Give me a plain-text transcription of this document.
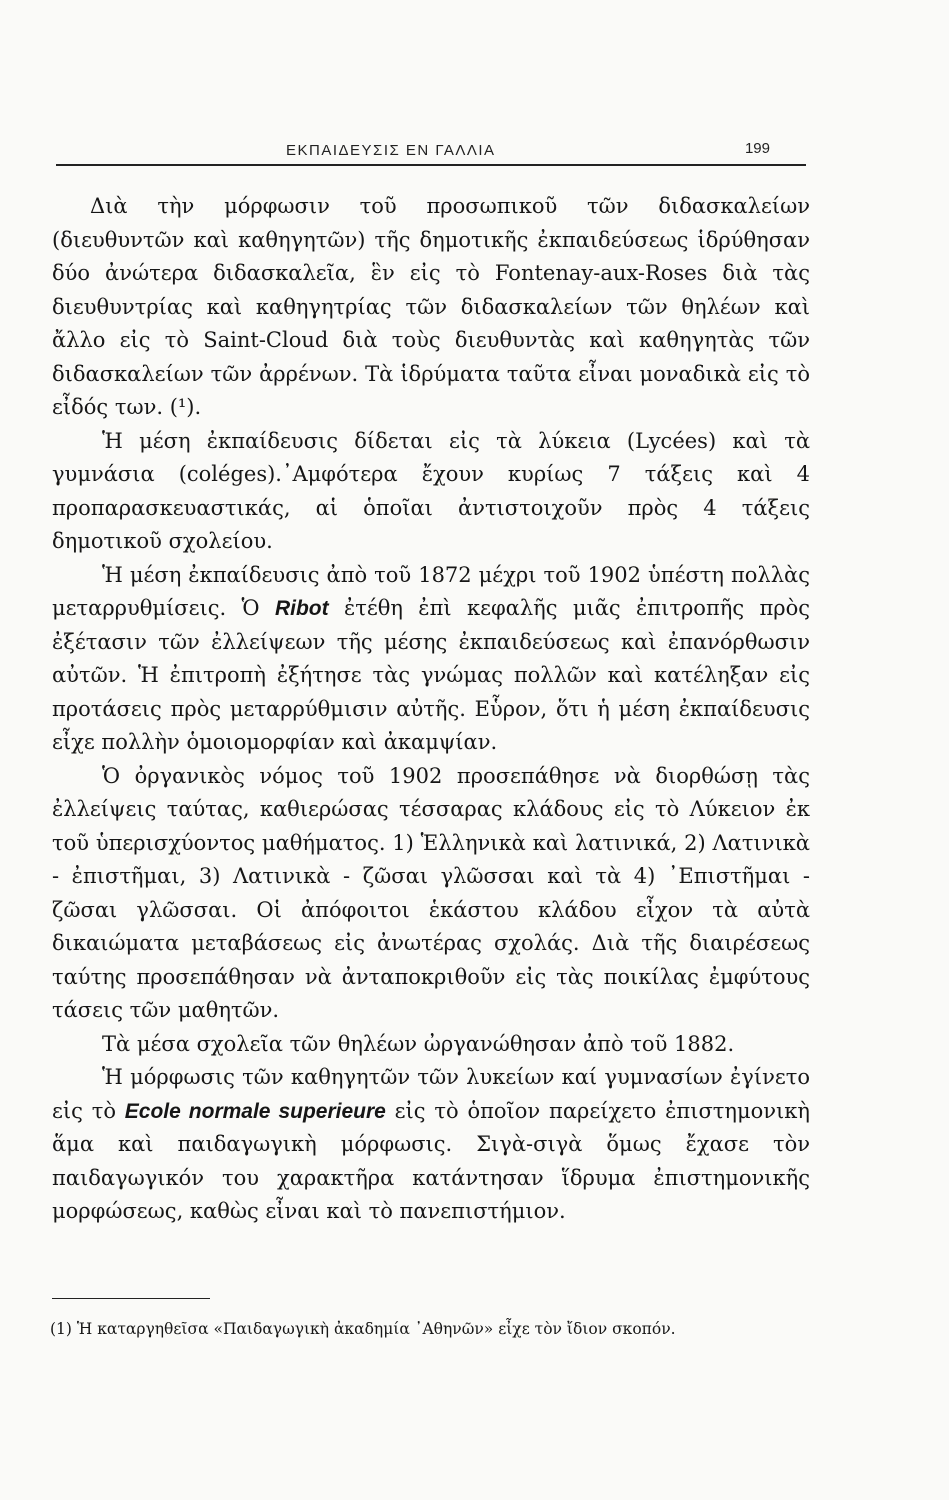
ΕΚΠΑΙΔΕΥΣΙΣ ΕΝ ΓΑΛΛΙΑ	199

Διὰ τὴν μόρφωσιν τοῦ προσωπικοῦ τῶν διδασκαλείων (διευθυντῶν καὶ καθηγητῶν) τῆς δημοτικῆς ἐκπαιδεύσεως ἱδρύθησαν δύο ἀνώτερα διδασκαλεῖα, ἓν εἰς τὸ Fontenay-aux-Roses διὰ τὰς διευθυντρίας καὶ καθηγητρίας τῶν διδασκαλείων τῶν θηλέων καὶ ἄλλο εἰς τὸ Saint-Cloud διὰ τοὺς διευθυντὰς καὶ καθηγητὰς τῶν διδασκαλείων τῶν ἀρρένων. Τὰ ἱδρύματα ταῦτα εἶναι μοναδικὰ εἰς τὸ εἶδός των. (¹).

Ἡ μέση ἐκπαίδευσις δίδεται εἰς τὰ λύκεια (Lycées) καὶ τὰ γυμνάσια (coléges).᾿Αμφότερα ἔχουν κυρίως 7 τάξεις καὶ 4 προπαρασκευαστικάς, αἱ ὁποῖαι ἀντιστοιχοῦν πρὸς 4 τάξεις δημοτικοῦ σχολείου.

Ἡ μέση ἐκπαίδευσις ἀπὸ τοῦ 1872 μέχρι τοῦ 1902 ὑπέστη πολλὰς μεταρρυθμίσεις. Ὁ Ribot ἐτέθη ἐπὶ κεφαλῆς μιᾶς ἐπιτροπῆς πρὸς ἐξέτασιν τῶν ἐλλείψεων τῆς μέσης ἐκπαιδεύσεως καὶ ἐπανόρθωσιν αὐτῶν. Ἡ ἐπιτροπὴ ἐξήτησε τὰς γνώμας πολλῶν καὶ κατέληξαν εἰς προτάσεις πρὸς μεταρρύθμισιν αὐτῆς. Εὗρον, ὅτι ἡ μέση ἐκπαίδευσις εἶχε πολλὴν ὁμοιομορφίαν καὶ ἀκαμψίαν.

Ὁ ὀργανικὸς νόμος τοῦ 1902 προσεπάθησε νὰ διορθώσῃ τὰς ἐλλείψεις ταύτας, καθιερώσας τέσσαρας κλάδους εἰς τὸ Λύκειον ἐκ τοῦ ὑπερισχύοντος μαθήματος. 1) Ἑλληνικὰ καὶ λατινικά, 2) Λατινικὰ - ἐπιστῆμαι, 3) Λατινικὰ - ζῶσαι γλῶσσαι καὶ τὰ 4) ᾿Επιστῆμαι - ζῶσαι γλῶσσαι. Οἱ ἀπόφοιτοι ἑκάστου κλάδου εἶχον τὰ αὐτὰ δικαιώματα μεταβάσεως εἰς ἀνωτέρας σχολάς. Διὰ τῆς διαιρέσεως ταύτης προσεπάθησαν νὰ ἀνταποκριθοῦν εἰς τὰς ποικίλας ἐμφύτους τάσεις τῶν μαθητῶν.

Τὰ μέσα σχολεῖα τῶν θηλέων ὠργανώθησαν ἀπὸ τοῦ 1882.

Ἡ μόρφωσις τῶν καθηγητῶν τῶν λυκείων καί γυμνασίων ἐγίνετο εἰς τὸ Ecole normale superieure εἰς τὸ ὁποῖον παρείχετο ἐπιστημονικὴ ἅμα καὶ παιδαγωγικὴ μόρφωσις. Σιγὰ-σιγὰ ὅμως ἔχασε τὸν παιδαγωγικόν του χαρακτῆρα κατάντησαν ἵδρυμα ἐπιστημονικῆς μορφώσεως, καθὼς εἶναι καὶ τὸ πανεπιστήμιον.

(1) Ἡ καταργηθεῖσα «Παιδαγωγικὴ ἀκαδημία ᾿Αθηνῶν» εἶχε τὸν ἴδιον σκοπόν.
